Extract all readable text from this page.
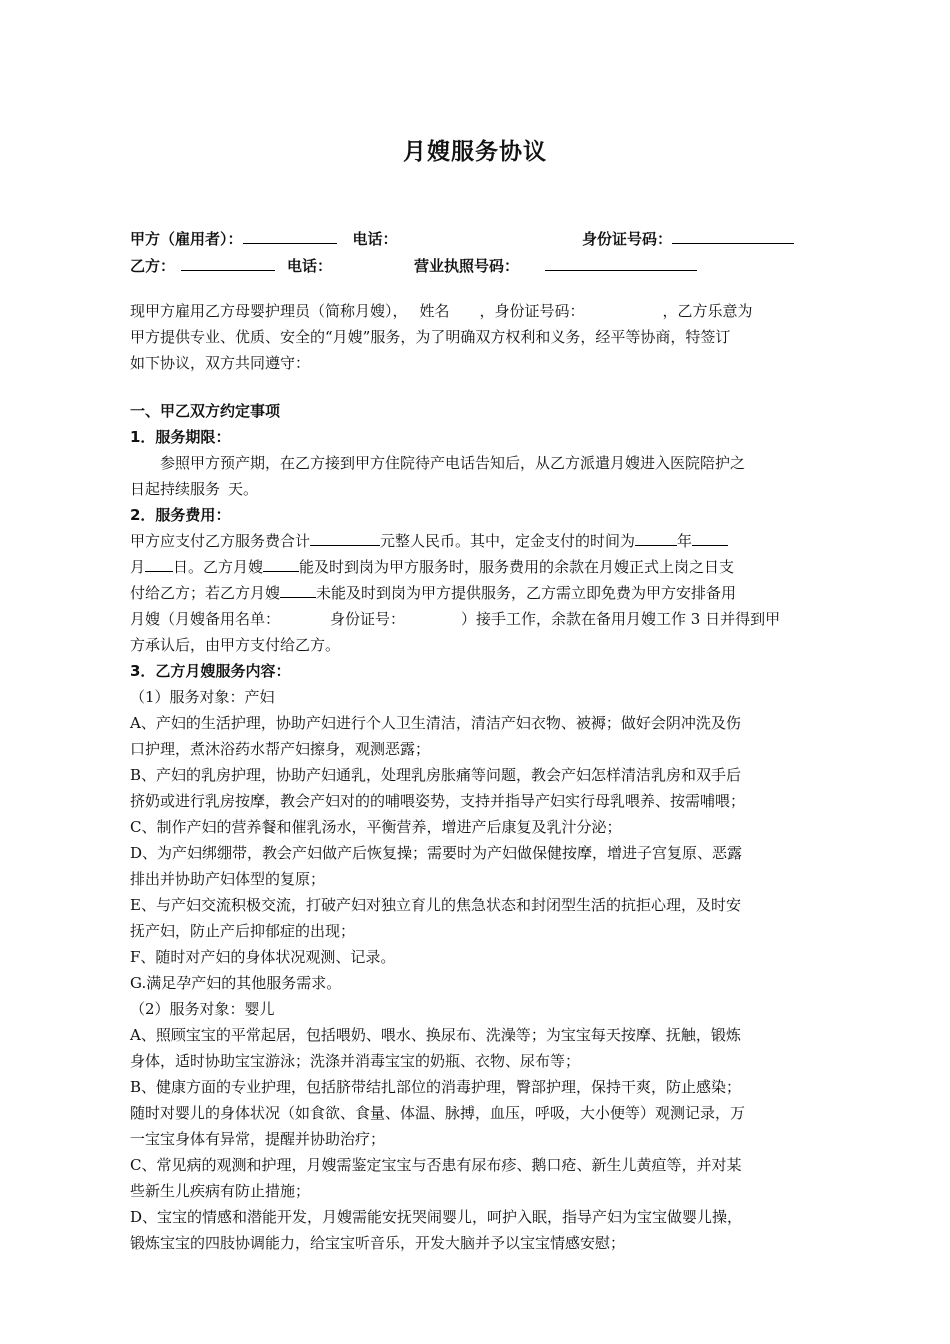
月嫂服务协议
甲方（雇用者）：	电话：	身份证号码：
乙方：	电话：	营业执照号码：

现甲方雇用乙方母婴护理员（简称月嫂）， 姓名 ，身份证号码：	，乙方乐意为

甲方提供专业、优质、安全的“月嫂”服务，为了明确双方权利和义务，经平等协商，特签订

如下协议，双方共同遵守：

一、甲乙双方约定事项

1．服务期限：

参照甲方预产期，在乙方接到甲方住院待产电话告知后，从乙方派遣月嫂进入医院陪护之

日起持续服务 天。

2．服务费用：

甲方应支付乙方服务费合计	元整人民币。其中，定金支付的时间为	年

月 日。乙方月嫂 能及时到岗为甲方服务时，服务费用的余款在月嫂正式上岗之日支

付给乙方；若乙方月嫂 未能及时到岗为甲方提供服务，乙方需立即免费为甲方安排备用

月嫂（月嫂备用名单：	身份证号：	）接手工作，余款在备用月嫂工作 3 日并得到甲

方承认后，由甲方支付给乙方。

3．乙方月嫂服务内容：

（1）服务对象：产妇

A、产妇的生活护理，协助产妇进行个人卫生清洁，清洁产妇衣物、被褥；做好会阴冲洗及伤

口护理，煮沐浴药水帮产妇擦身，观测恶露；

B、产妇的乳房护理，协助产妇通乳，处理乳房胀痛等问题，教会产妇怎样清洁乳房和双手后

挤奶或进行乳房按摩，教会产妇对的的哺喂姿势，支持并指导产妇实行母乳喂养、按需哺喂；

C、制作产妇的营养餐和催乳汤水，平衡营养，增进产后康复及乳汁分泌；

D、为产妇绑绷带，教会产妇做产后恢复操；需要时为产妇做保健按摩，增进子宫复原、恶露

排出并协助产妇体型的复原；

E、与产妇交流积极交流，打破产妇对独立育儿的焦急状态和封闭型生活的抗拒心理，及时安

抚产妇，防止产后抑郁症的出现；

F、随时对产妇的身体状况观测、记录。

G.满足孕产妇的其他服务需求。

（2）服务对象：婴儿

A、照顾宝宝的平常起居，包括喂奶、喂水、换尿布、洗澡等；为宝宝每天按摩、抚触，锻炼

身体，适时协助宝宝游泳；洗涤并消毒宝宝的奶瓶、衣物、尿布等；

B、健康方面的专业护理，包括脐带结扎部位的消毒护理，臀部护理，保持干爽，防止感染；

随时对婴儿的身体状况（如食欲、食量、体温、脉搏，血压，呼吸，大小便等）观测记录，万

一宝宝身体有异常，提醒并协助治疗；

C、常见病的观测和护理，月嫂需鉴定宝宝与否患有尿布疹、鹅口疮、新生儿黄疸等，并对某

些新生儿疾病有防止措施；

D、宝宝的情感和潜能开发，月嫂需能安抚哭闹婴儿，呵护入眠，指导产妇为宝宝做婴儿操，

锻炼宝宝的四肢协调能力，给宝宝听音乐，开发大脑并予以宝宝情感安慰；
